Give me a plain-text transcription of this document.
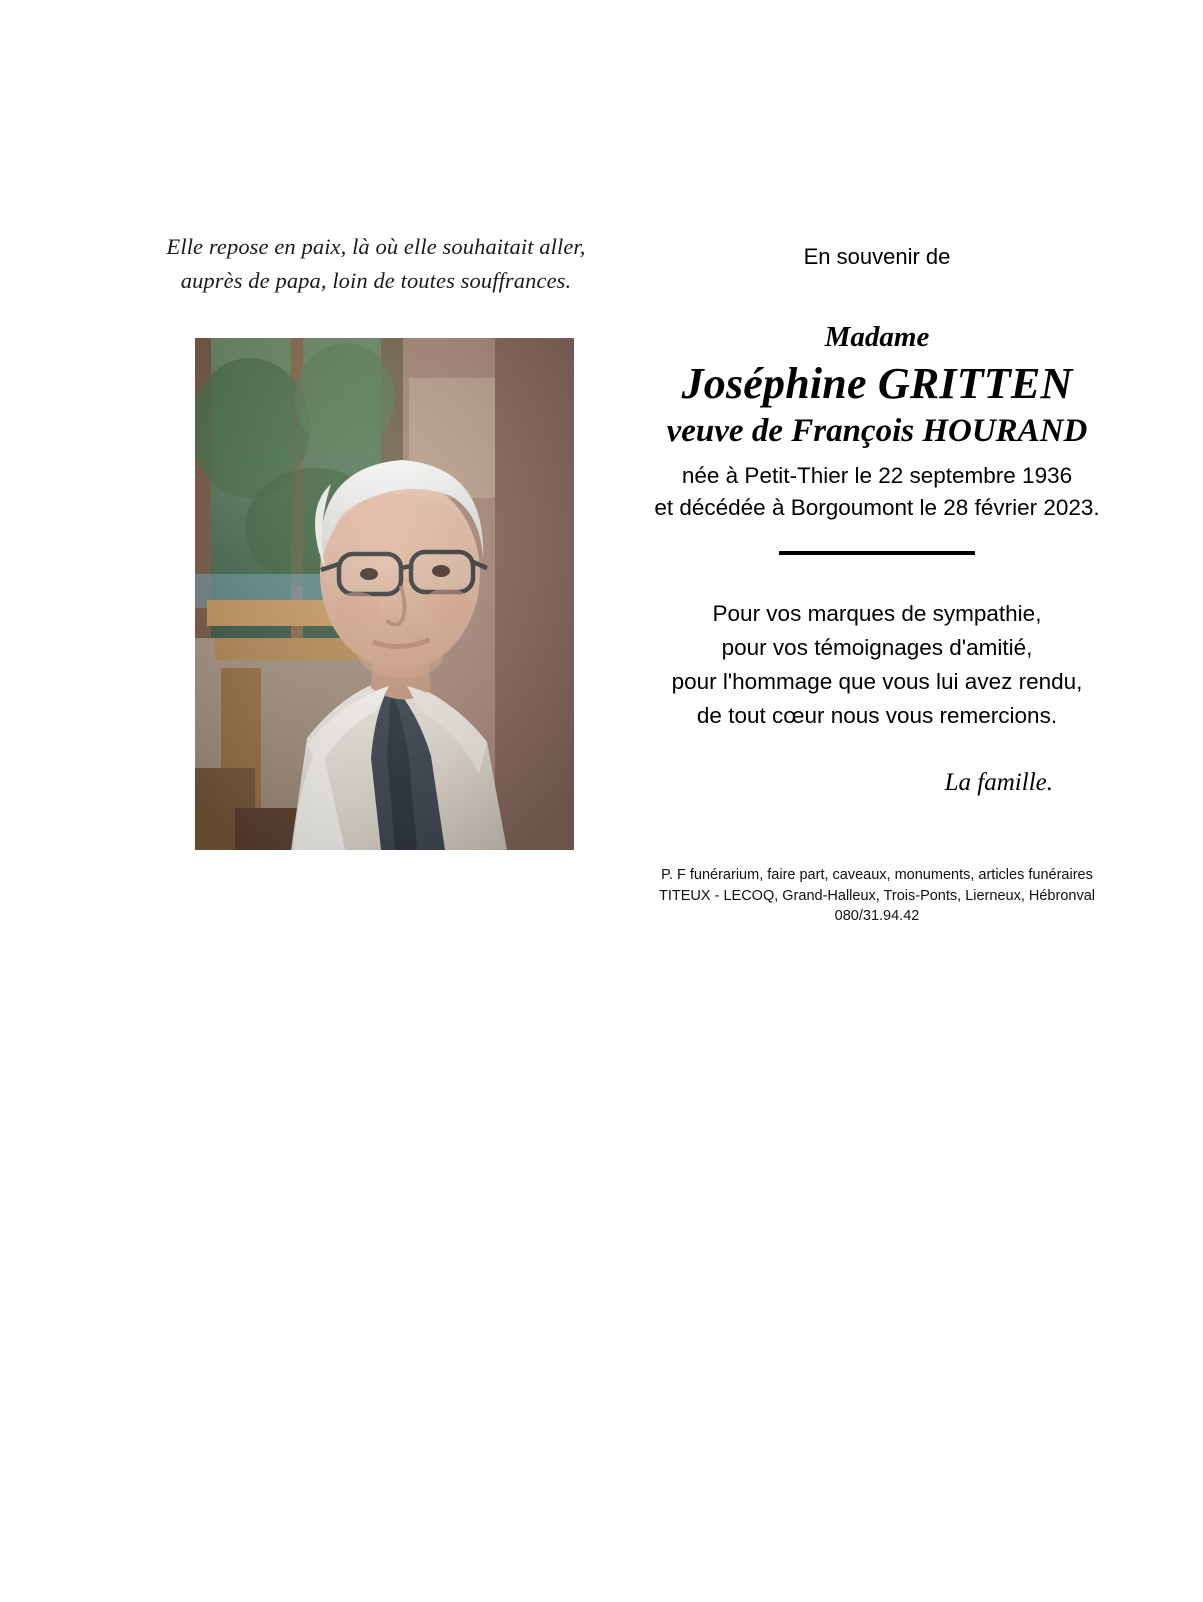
Elle repose en paix, là où elle souhaitait aller,
auprès de papa, loin de toutes souffrances.
En souvenir de
Madame
Joséphine GRITTEN
veuve de François HOURAND
née à Petit-Thier le 22 septembre 1936
et décédée à Borgoumont le 28 février 2023.
Pour vos marques de sympathie,
pour vos témoignages d'amitié,
pour l'hommage que vous lui avez rendu,
de tout cœur nous vous remercions.
La famille.
P. F funérarium, faire part, caveaux, monuments, articles funéraires
TITEUX - LECOQ, Grand-Halleux, Trois-Ponts, Lierneux, Hébronval 080/31.94.42
